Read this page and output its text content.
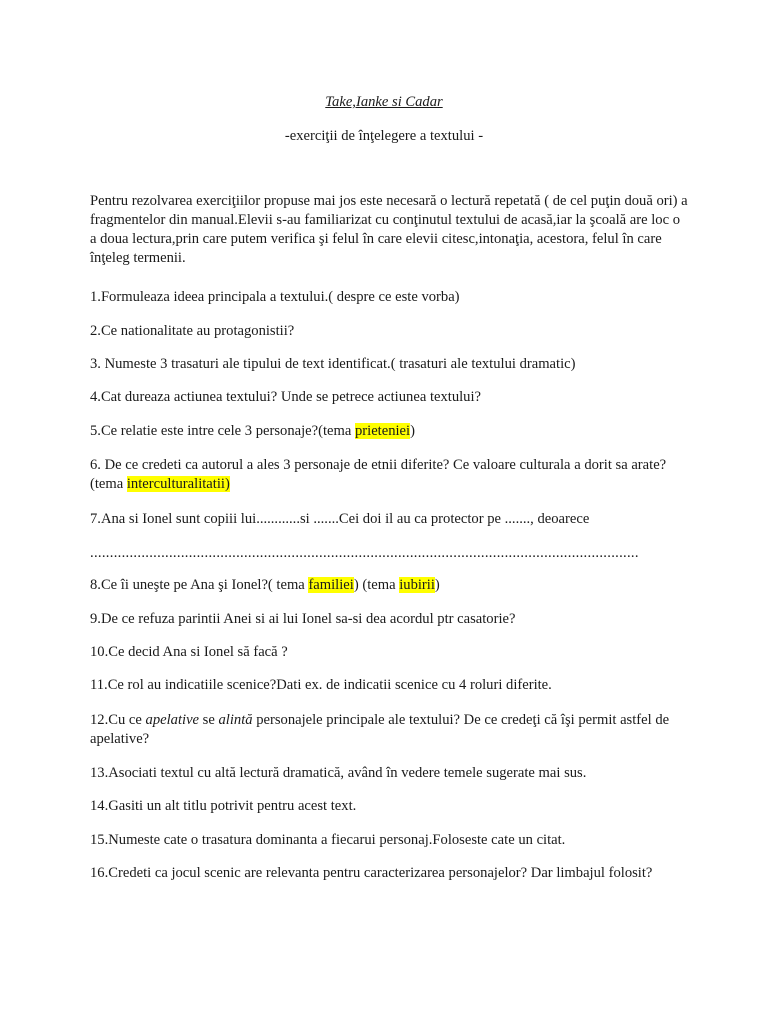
Take,Ianke si Cadar

-exerciţii de înţelegere a textului -

Pentru rezolvarea exerciţiilor propuse mai jos este necesară o lectură repetată ( de cel puţin două ori) a fragmentelor din manual.Elevii s-au familiarizat cu conţinutul textului de acasă,iar la şcoală are loc o a doua lectura,prin care putem verifica şi felul în care elevii citesc,intonaţia, acestora, felul în care înţeleg termenii.

1.Formuleaza ideea principala a textului.( despre ce este vorba)

2.Ce nationalitate au protagonistii?

3. Numeste 3 trasaturi ale tipului de text identificat.( trasaturi ale textului dramatic)

4.Cat dureaza actiunea textului? Unde se petrece actiunea textului?

5.Ce relatie este intre cele 3 personaje?(tema prieteniei)

6. De ce credeti ca autorul a ales 3 personaje de etnii diferite? Ce valoare culturala a dorit sa arate? (tema interculturalitatii)

7.Ana si Ionel sunt copiii lui............si .......Cei doi il au ca protector pe ......., deoarece

...........................................................................................................................................

8.Ce îi uneşte pe Ana şi Ionel?( tema familiei) (tema iubirii)

9.De ce refuza parintii Anei si ai lui Ionel sa-si dea acordul ptr casatorie?

10.Ce decid Ana si Ionel să facă ?

11.Ce rol au indicatiile scenice?Dati ex. de indicatii scenice cu 4 roluri diferite.

12.Cu ce apelative se alintă personajele principale ale textului? De ce credeţi că îşi permit astfel de apelative?

13.Asociati textul cu altă lectură dramatică, având în vedere temele sugerate mai sus.

14.Gasiti un alt titlu potrivit pentru acest text.

15.Numeste cate o trasatura dominanta a fiecarui personaj.Foloseste cate un citat.

16.Credeti ca jocul scenic are relevanta pentru caracterizarea personajelor? Dar limbajul folosit?
